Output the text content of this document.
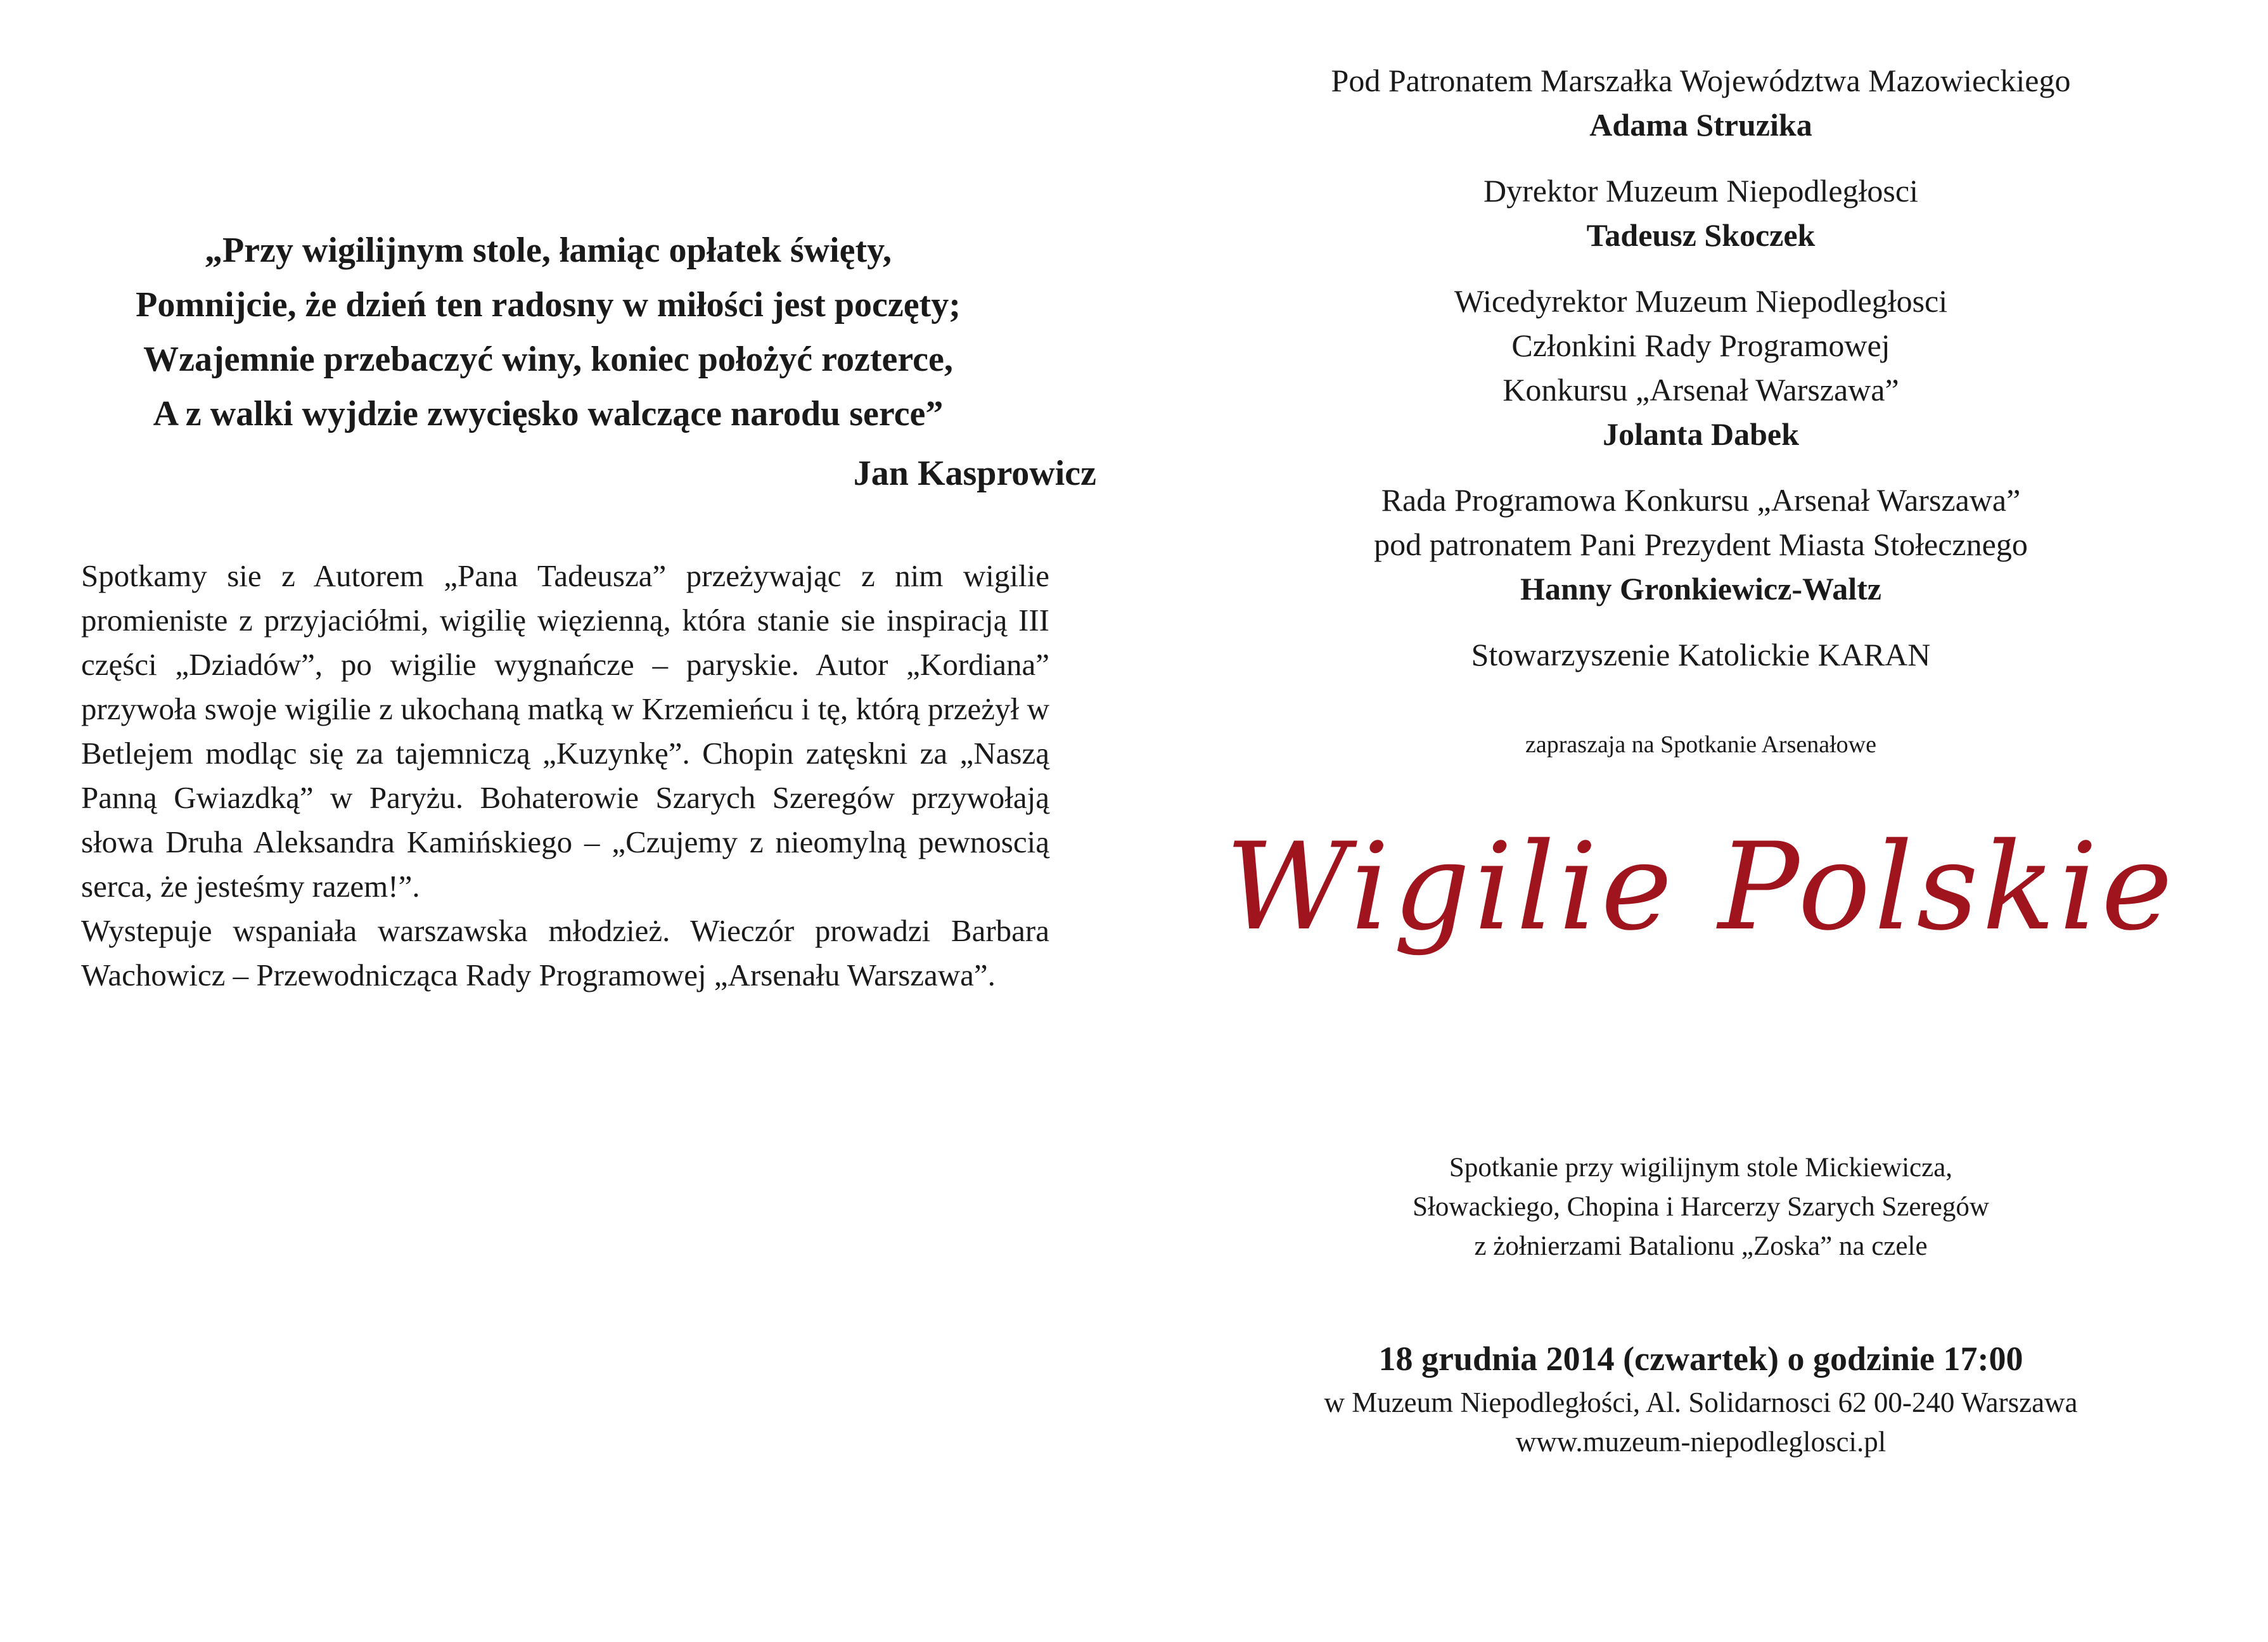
„Przy wigilijnym stole, łamiąc opłatek święty,
Pomnijcie, że dzień ten radosny w miłości jest poczęty;
Wzajemnie przebaczyć winy, koniec położyć rozterce,
A z walki wyjdzie zwycięsko walczące narodu serce”
Jan Kasprowicz

Spotkamy sie z Autorem „Pana Tadeusza” przeżywając z nim wigilie promieniste z przyjaciółmi, wigilię więzienną, która stanie sie inspiracją III części „Dziadów”, po wigilie wygnańcze – paryskie. Autor „Kordiana” przywoła swoje wigilie z ukochaną matką w Krzemieńcu i tę, którą przeżył w Betlejem modląc się za tajemniczą „Kuzynkę”. Chopin zatęskni za „Naszą Panną Gwiazdką” w Paryżu. Bohaterowie Szarych Szeregów przywołają słowa Druha Aleksandra Kamińskiego – „Czujemy z nieomylną pewnoscią serca, że jesteśmy razem!”.

Wystepuje wspaniała warszawska młodzież. Wieczór prowadzi Barbara Wachowicz – Przewodnicząca Rady Programowej „Arsenału Warszawa”.

Pod Patronatem Marszałka Województwa Mazowieckiego
Adama Struzika
Dyrektor Muzeum Niepodległosci
Tadeusz Skoczek
Wicedyrektor Muzeum Niepodległosci
Członkini Rady Programowej
Konkursu „Arsenał Warszawa”
Jolanta Dabek
Rada Programowa Konkursu „Arsenał Warszawa”
pod patronatem Pani Prezydent Miasta Stołecznego
Hanny Gronkiewicz-Waltz
Stowarzyszenie Katolickie KARAN
zapraszaja na Spotkanie Arsenałowe
Wigilie Polskie
Spotkanie przy wigilijnym stole Mickiewicza,
Słowackiego, Chopina i Harcerzy Szarych Szeregów
z żołnierzami Batalionu „Zoska” na czele
18 grudnia 2014 (czwartek) o godzinie 17:00
w Muzeum Niepodległości, Al. Solidarnosci 62 00-240 Warszawa
www.muzeum-niepodleglosci.pl
